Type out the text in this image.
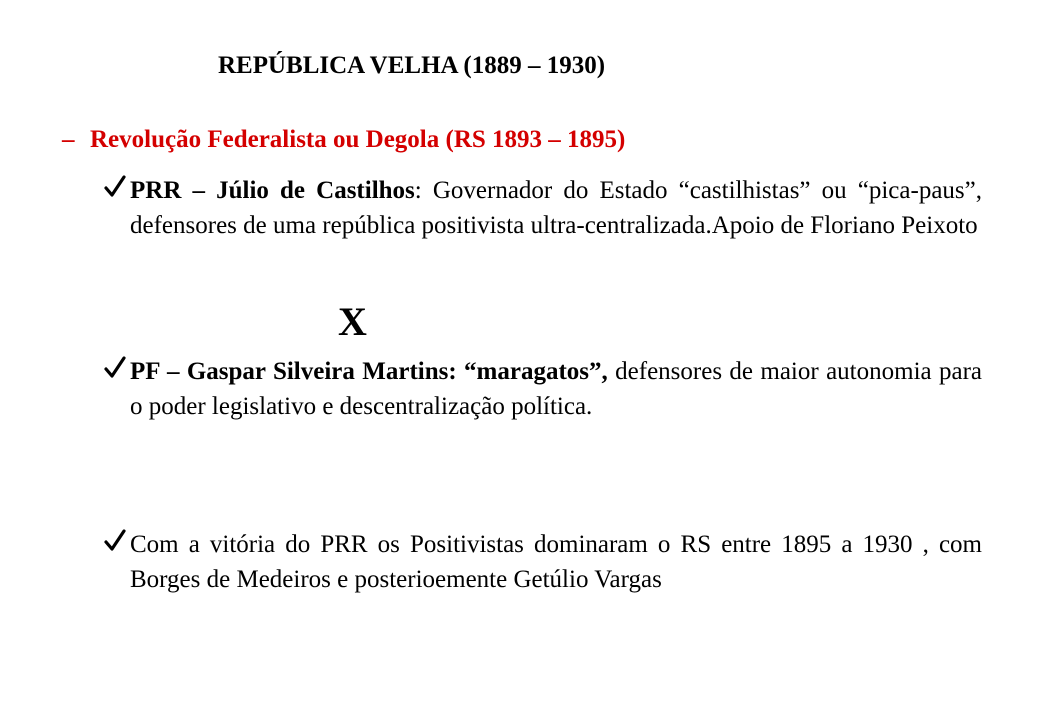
REPÚBLICA VELHA (1889 – 1930)
– Revolução Federalista ou Degola (RS 1893 – 1895)
PRR – Júlio de Castilhos: Governador do Estado “castilhistas” ou “pica-paus”, defensores de uma república positivista ultra-centralizada.Apoio de Floriano Peixoto
X
PF – Gaspar Silveira Martins: “maragatos”, defensores de maior autonomia para o poder legislativo e descentralização política.
Com a vitória do PRR os Positivistas dominaram o RS entre 1895 a 1930 , com Borges de Medeiros e posterioemente Getúlio Vargas
